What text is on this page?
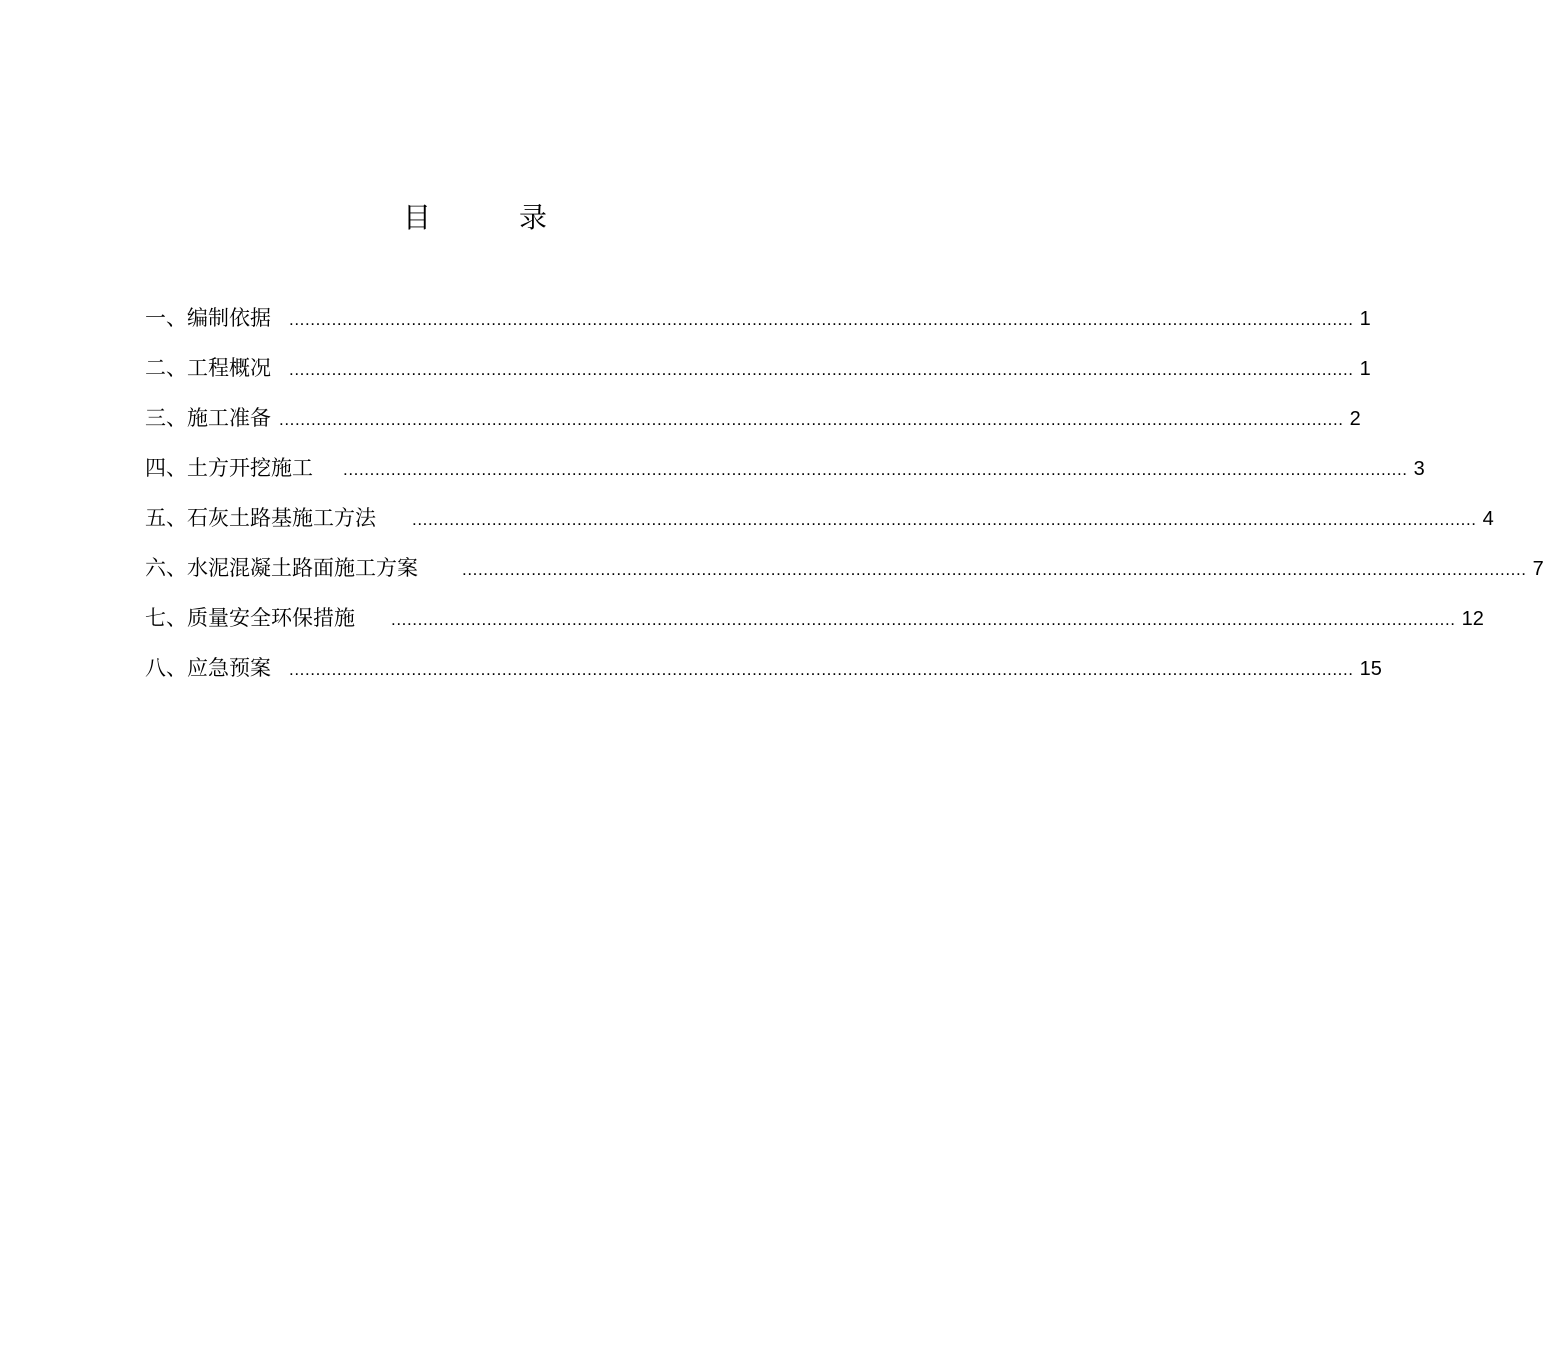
目　录
一、编制依据 ........................................................................................................................................................................................................ 1
二、工程概况 ........................................................................................................................................................................................................ 1
三、施工准备 ........................................................................................................................................................................................................ 2
四、土方开挖施工 ........................................................................................................................................................................................................ 3
五、石灰土路基施工方法 ........................................................................................................................................................................................................ 4
六、水泥混凝土路面施工方案	........................................................................................................................................................................................................ 7
七、质量安全环保措施 ........................................................................................................................................................................................................ 12
八、应急预案 ........................................................................................................................................................................................................ 15
